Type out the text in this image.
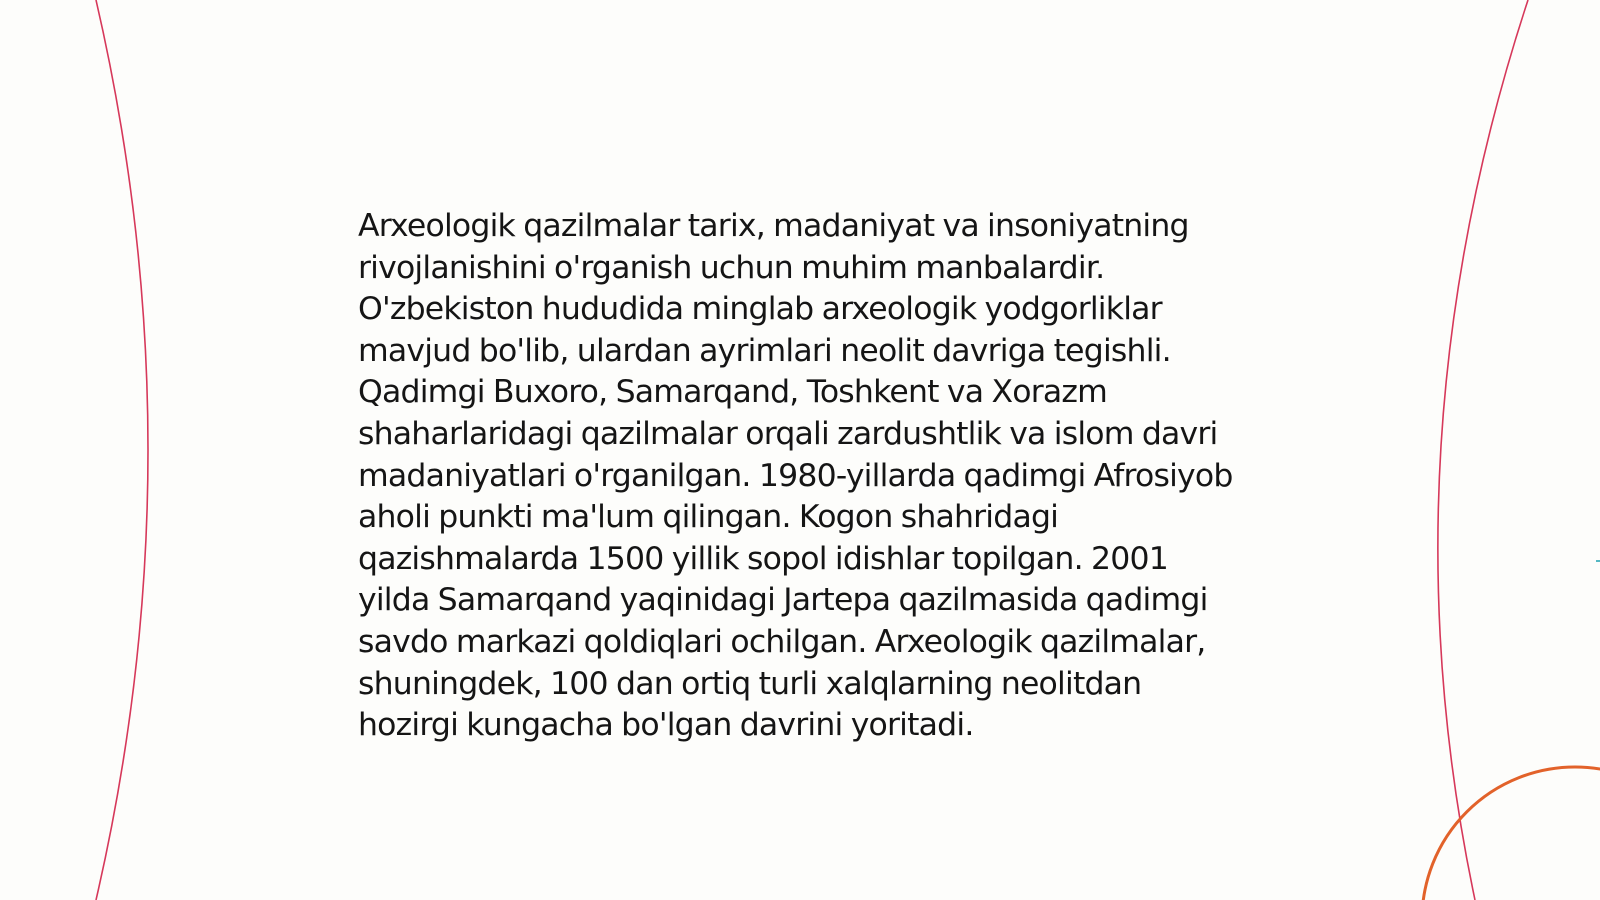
Arxeologik qazilmalar tarix, madaniyat va insoniyatning rivojlanishini o'rganish uchun muhim manbalardir. O'zbekiston hududida minglab arxeologik yodgorliklar mavjud bo'lib, ulardan ayrimlari neolit davriga tegishli. Qadimgi Buxoro, Samarqand, Toshkent va Xorazm shaharlaridagi qazilmalar orqali zardushtlik va islom davri madaniyatlari o'rganilgan. 1980-yillarda qadimgi Afrosiyob aholi punkti ma'lum qilingan. Kogon shahridagi qazishmalarda 1500 yillik sopol idishlar topilgan. 2001 yilda Samarqand yaqinidagi Jartepa qazilmasida qadimgi savdo markazi qoldiqlari ochilgan. Arxeologik qazilmalar, shuningdek, 100 dan ortiq turli xalqlarning neolitdan hozirgi kungacha bo'lgan davrini yoritadi.
